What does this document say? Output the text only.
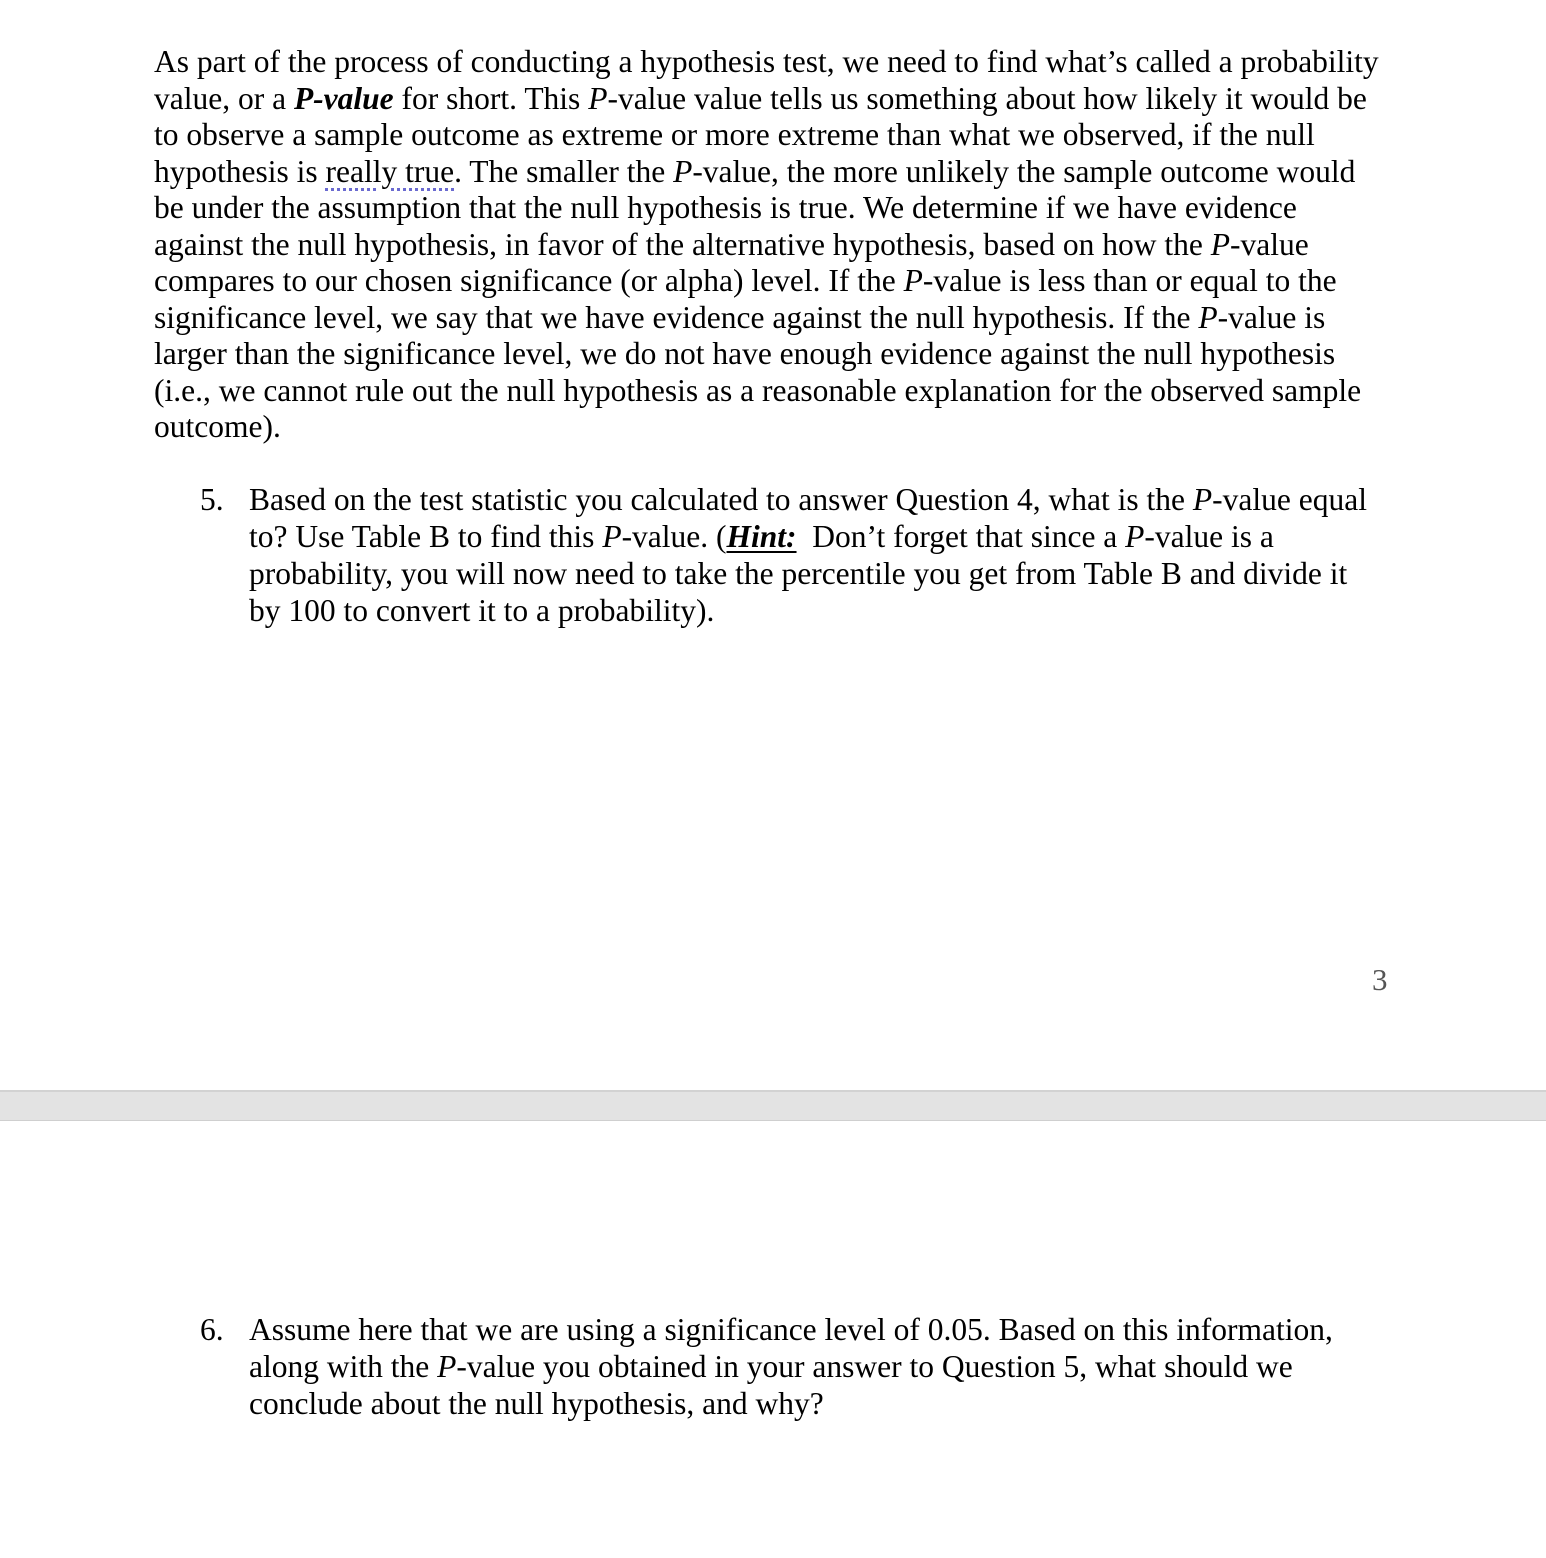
As part of the process of conducting a hypothesis test, we need to find what’s called a probability
value, or a P-value for short. This P-value value tells us something about how likely it would be
to observe a sample outcome as extreme or more extreme than what we observed, if the null
hypothesis is really true. The smaller the P-value, the more unlikely the sample outcome would
be under the assumption that the null hypothesis is true. We determine if we have evidence
against the null hypothesis, in favor of the alternative hypothesis, based on how the P-value
compares to our chosen significance (or alpha) level. If the P-value is less than or equal to the
significance level, we say that we have evidence against the null hypothesis. If the P-value is
larger than the significance level, we do not have enough evidence against the null hypothesis
(i.e., we cannot rule out the null hypothesis as a reasonable explanation for the observed sample
outcome).
5. Based on the test statistic you calculated to answer Question 4, what is the P-value equal
to? Use Table B to find this P-value. (Hint:  Don’t forget that since a P-value is a
probability, you will now need to take the percentile you get from Table B and divide it
by 100 to convert it to a probability).
3
6. Assume here that we are using a significance level of 0.05. Based on this information,
along with the P-value you obtained in your answer to Question 5, what should we
conclude about the null hypothesis, and why?
